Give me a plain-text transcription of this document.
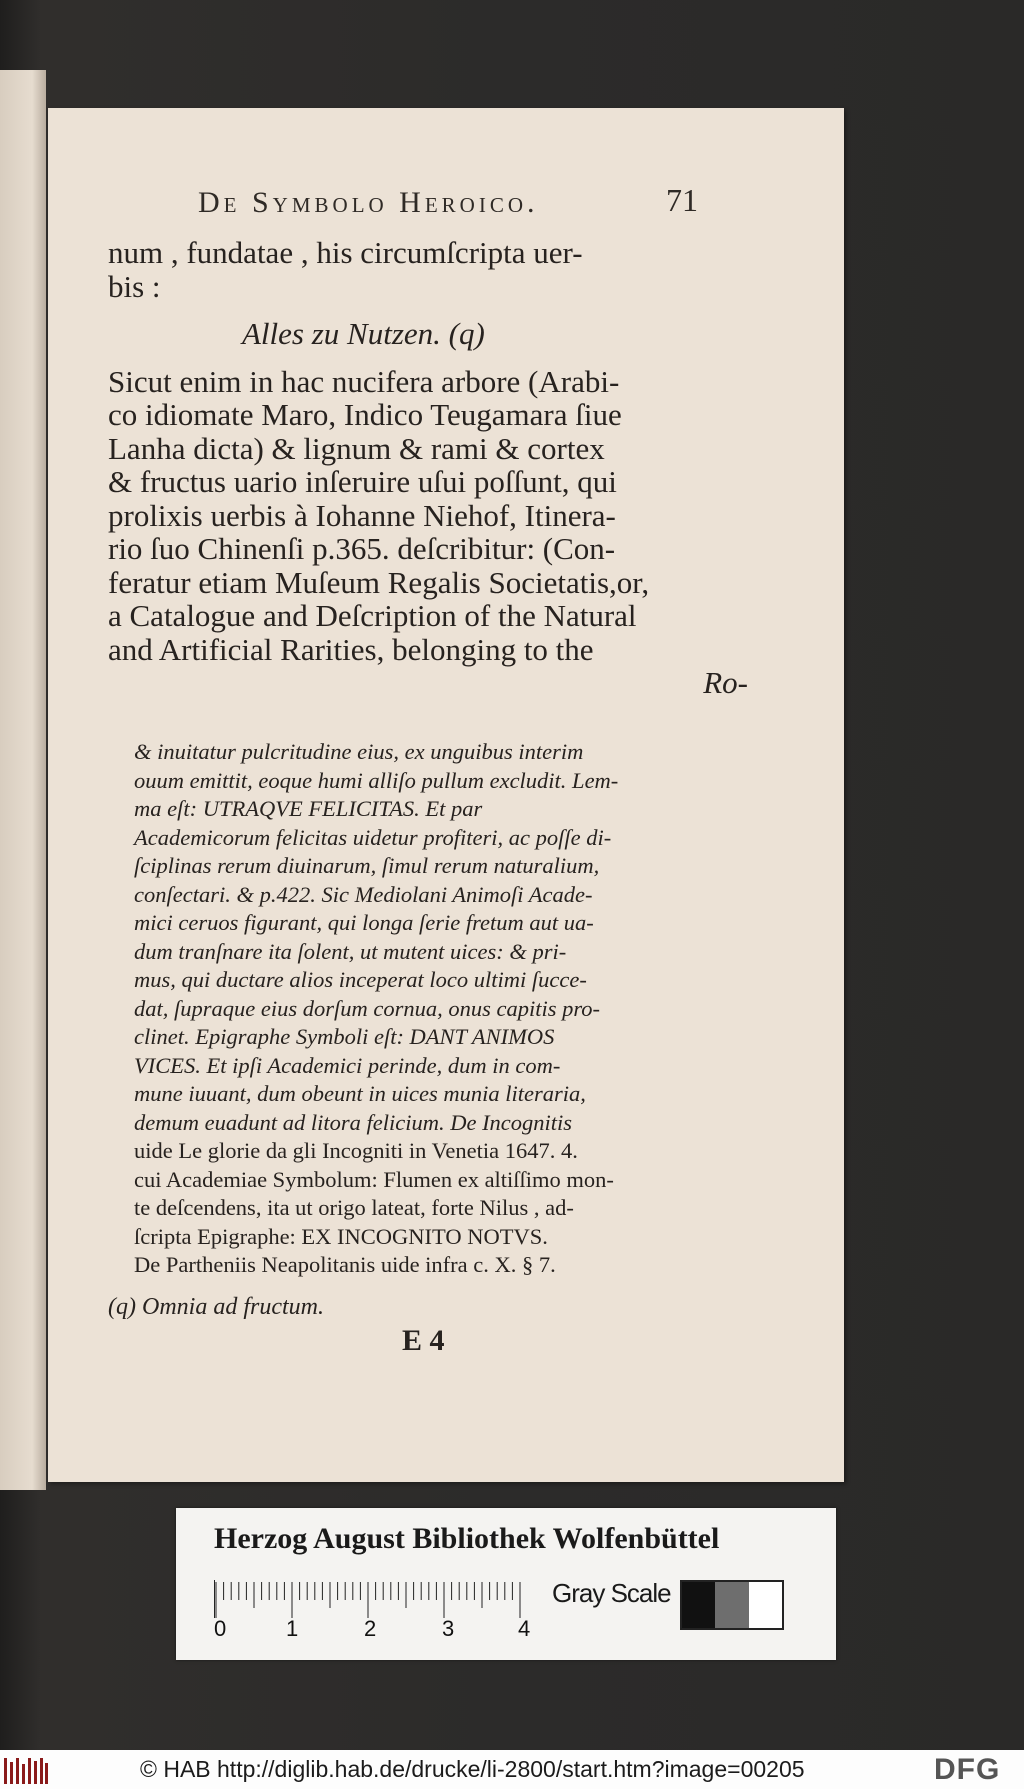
De Symbolo Heroico.	71
num , fundatae , his circumſcripta uer-
bis :
Alles zu Nutzen. (q)
Sicut enim in hac nucifera arbore (Arabi-
co idiomate Maro, Indico Teugamara ſiue
Lanha dicta) & lignum & rami & cortex
& fructus uario inſeruire uſui poſſunt, qui
prolixis uerbis à Iohanne Niehof, Itinera-
rio ſuo Chinenſi p.365. deſcribitur: (Con-
feratur etiam Muſeum Regalis Societatis,or,
a Catalogue and Deſcription of the Natural
and Artificial Rarities, belonging to the
Ro-
& inuitatur pulcritudine eius, ex unguibus interim
ouum emittit, eoque humi alliſo pullum excludit. Lem-
ma eſt: UTRAQVE FELICITAS. Et par
Academicorum felicitas uidetur profiteri, ac poſſe di-
ſciplinas rerum diuinarum, ſimul rerum naturalium,
conſectari. & p.422. Sic Mediolani Animoſi Acade-
mici ceruos figurant, qui longa ſerie fretum aut ua-
dum tranſnare ita ſolent, ut mutent uices: & pri-
mus, qui ductare alios inceperat loco ultimi ſucce-
dat, ſupraque eius dorſum cornua, onus capitis pro-
clinet. Epigraphe Symboli eſt: DANT ANIMOS
VICES. Et ipſi Academici perinde, dum in com-
mune iuuant, dum obeunt in uices munia literaria,
demum euadunt ad litora felicium. De Incognitis
uide Le glorie da gli Incogniti in Venetia 1647. 4.
cui Academiae Symbolum: Flumen ex altiſſimo mon-
te deſcendens, ita ut origo lateat, forte Nilus , ad-
ſcripta Epigraphe: EX INCOGNITO NOTVS.
De Partheniis Neapolitanis uide infra c. X. § 7.
(q) Omnia ad fructum.
E 4
Herzog August Bibliothek Wolfenbüttel
0	1	2	3	4
Gray Scale
© HAB http://diglib.hab.de/drucke/li-2800/start.htm?image=00205	DFG
